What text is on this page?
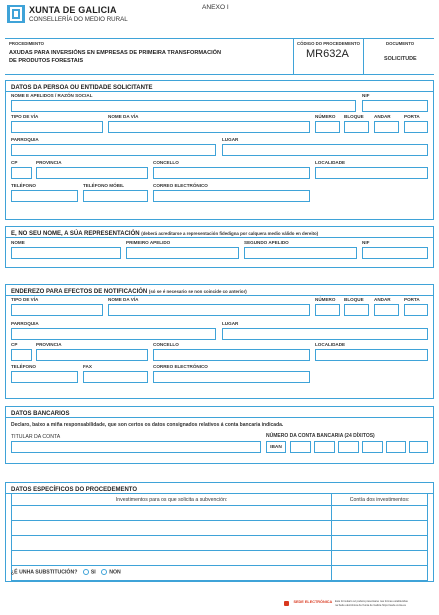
XUNTA DE GALICIA
CONSELLERÍA DO MEDIO RURAL
ANEXO I
PROCEDIMENTO
AXUDAS PARA INVERSIÓNS EN EMPRESAS DE PRIMEIRA TRANSFORMACIÓN
DE PRODUTOS FORESTAIS
CÓDIGO DO PROCEDEMENTO
MR632A
DOCUMENTO
SOLICITUDE
DATOS DA PERSOA OU ENTIDADE SOLICITANTE
NOME E APELIDOS / RAZÓN SOCIAL	NIF
TIPO DE VÍA	NOME DA VÍA	NÚMERO BLOQUE ANDAR	PORTA
PARROQUIA	LUGAR
CP	PROVINCIA	CONCELLO	LOCALIDADE
TELÉFONO	TELÉFONO MÓBIL	CORREO ELECTRÓNICO
E, NO SEU NOME, A SÚA REPRESENTACIÓN (deberá acreditarse a representación fidedigna por calquera medio válido en dereito)
NOME	PRIMEIRO APELIDO	SEGUNDO APELIDO	NIF
ENDEREZO PARA EFECTOS DE NOTIFICACIÓN (só se é necesario se non coincide co anterior)
TIPO DE VÍA	NOME DA VÍA	NÚMERO BLOQUE ANDAR	PORTA
PARROQUIA	LUGAR
CP	PROVINCIA	CONCELLO	LOCALIDADE
TELÉFONO	FAX	CORREO ELECTRÓNICO
DATOS BANCARIOS
Declaro, baixo a miña responsabilidade, que son certos os datos consignados relativos á conta bancaria indicada.
TITULAR DA CONTA	NÚMERO DA CONTA BANCARIA (24 DÍXITOS)
IBAN
DATOS ESPECÍFICOS DO PROCEDEMENTO
Investimentos para os que solicita a subvención:	Contía dos investimentos:

¿É UNHA SUBSTITUCIÓN?	SI	NON
$^{SEDE ELECTRÓNICA}$ Este formulario só poderá presentarse nas formas establecidas
na Sede electrónica da Xunta de Galicia https://sede.xunta.es
